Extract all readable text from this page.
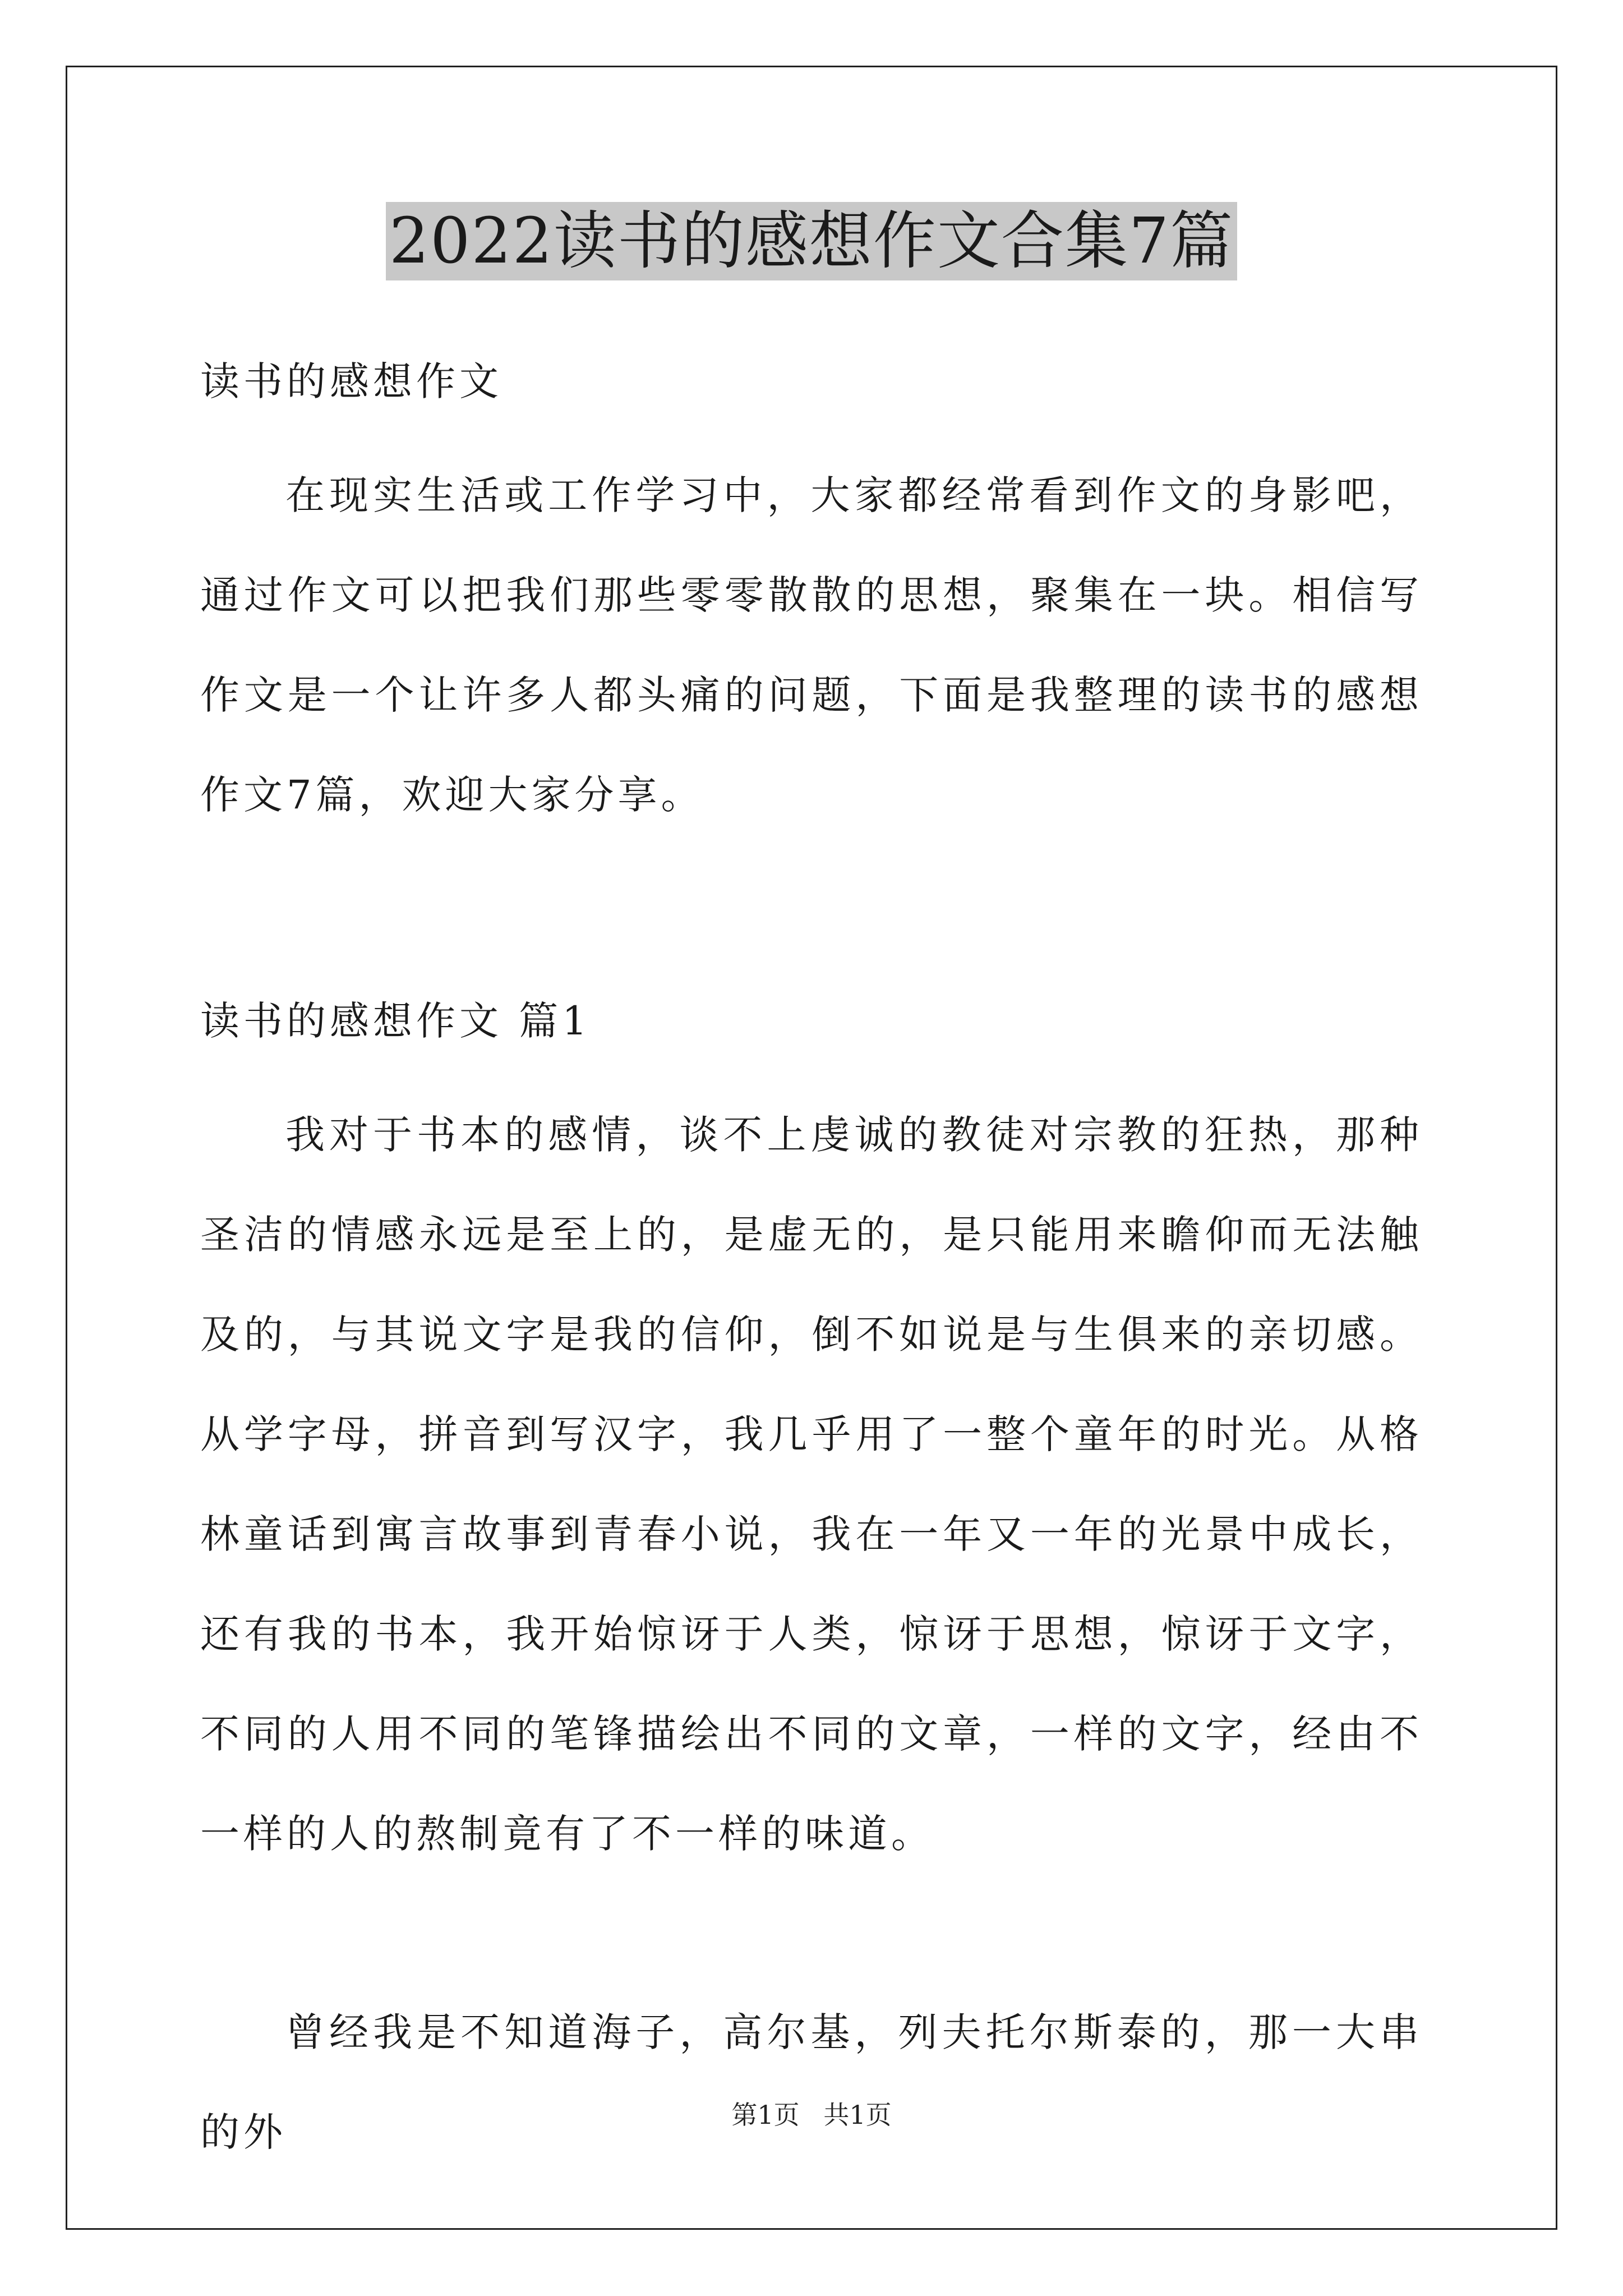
2022读书的感想作文合集7篇
读书的感想作文
在现实生活或工作学习中，大家都经常看到作文的身影吧，通过作文可以把我们那些零零散散的思想，聚集在一块。相信写作文是一个让许多人都头痛的问题，下面是我整理的读书的感想作文7篇，欢迎大家分享。
读书的感想作文 篇1
我对于书本的感情，谈不上虔诚的教徒对宗教的狂热，那种圣洁的情感永远是至上的，是虚无的，是只能用来瞻仰而无法触及的，与其说文字是我的信仰，倒不如说是与生俱来的亲切感。从学字母，拼音到写汉字，我几乎用了一整个童年的时光。从格林童话到寓言故事到青春小说，我在一年又一年的光景中成长，还有我的书本，我开始惊讶于人类，惊讶于思想，惊讶于文字，不同的人用不同的笔锋描绘出不同的文章，一样的文字，经由不一样的人的熬制竟有了不一样的味道。
曾经我是不知道海子，高尔基，列夫托尔斯泰的，那一大串的外	第1页 共1页
